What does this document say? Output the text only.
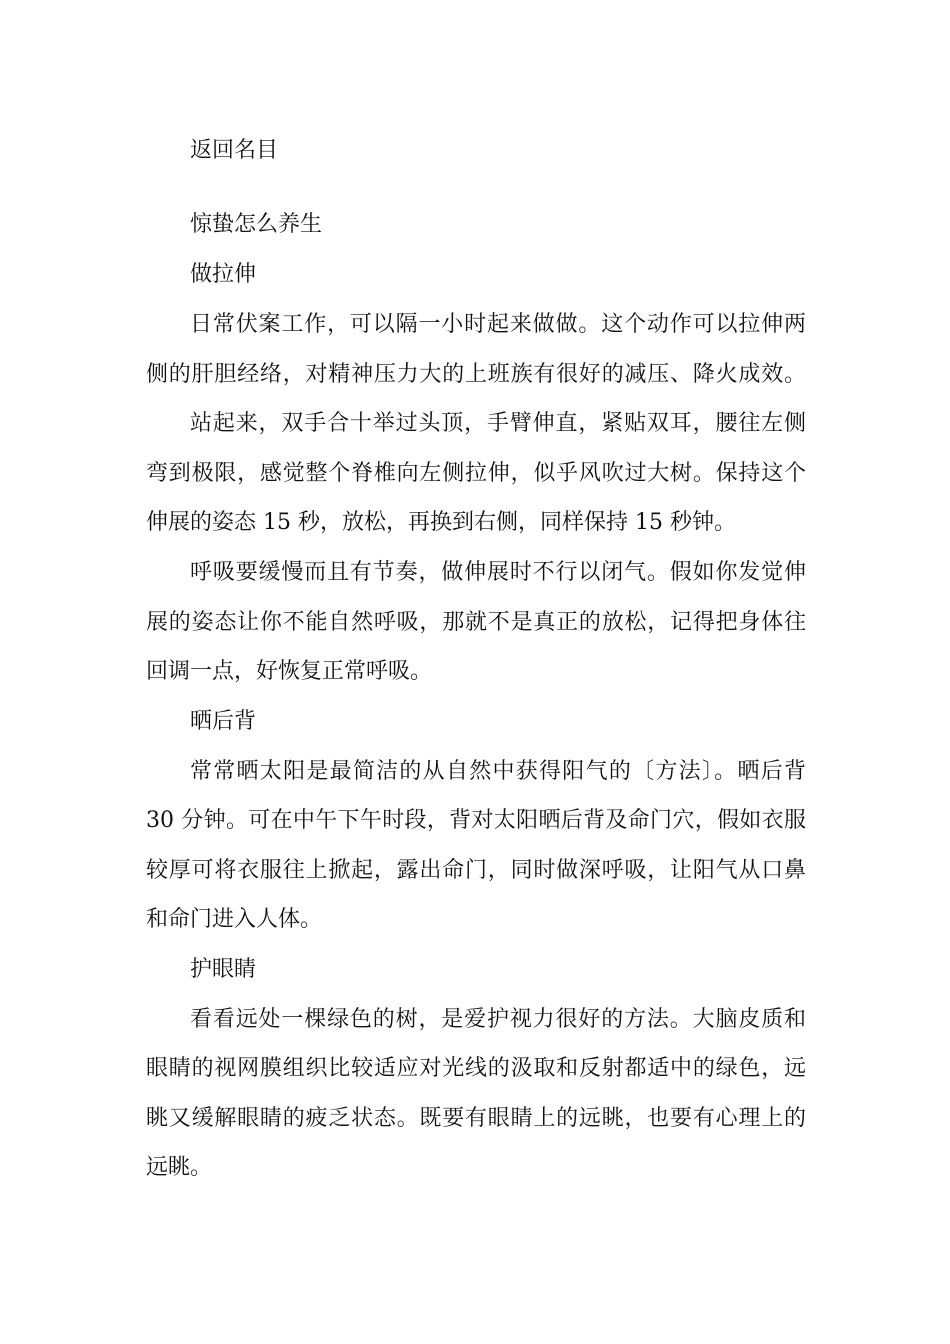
返回名目
惊蛰怎么养生
做拉伸
日常伏案工作，可以隔一小时起来做做。这个动作可以拉伸两
侧的肝胆经络，对精神压力大的上班族有很好的减压、降火成效。
站起来，双手合十举过头顶，手臂伸直，紧贴双耳，腰往左侧
弯到极限，感觉整个脊椎向左侧拉伸，似乎风吹过大树。保持这个
伸展的姿态 15 秒，放松，再换到右侧，同样保持 15 秒钟。
呼吸要缓慢而且有节奏，做伸展时不行以闭气。假如你发觉伸
展的姿态让你不能自然呼吸，那就不是真正的放松，记得把身体往
回调一点，好恢复正常呼吸。
晒后背
常常晒太阳是最简洁的从自然中获得阳气的〔方法〕。晒后背
30 分钟。可在中午下午时段，背对太阳晒后背及命门穴，假如衣服
较厚可将衣服往上掀起，露出命门，同时做深呼吸，让阳气从口鼻
和命门进入人体。
护眼睛
看看远处一棵绿色的树，是爱护视力很好的方法。大脑皮质和
眼睛的视网膜组织比较适应对光线的汲取和反射都适中的绿色，远
眺又缓解眼睛的疲乏状态。既要有眼睛上的远眺，也要有心理上的
远眺。
